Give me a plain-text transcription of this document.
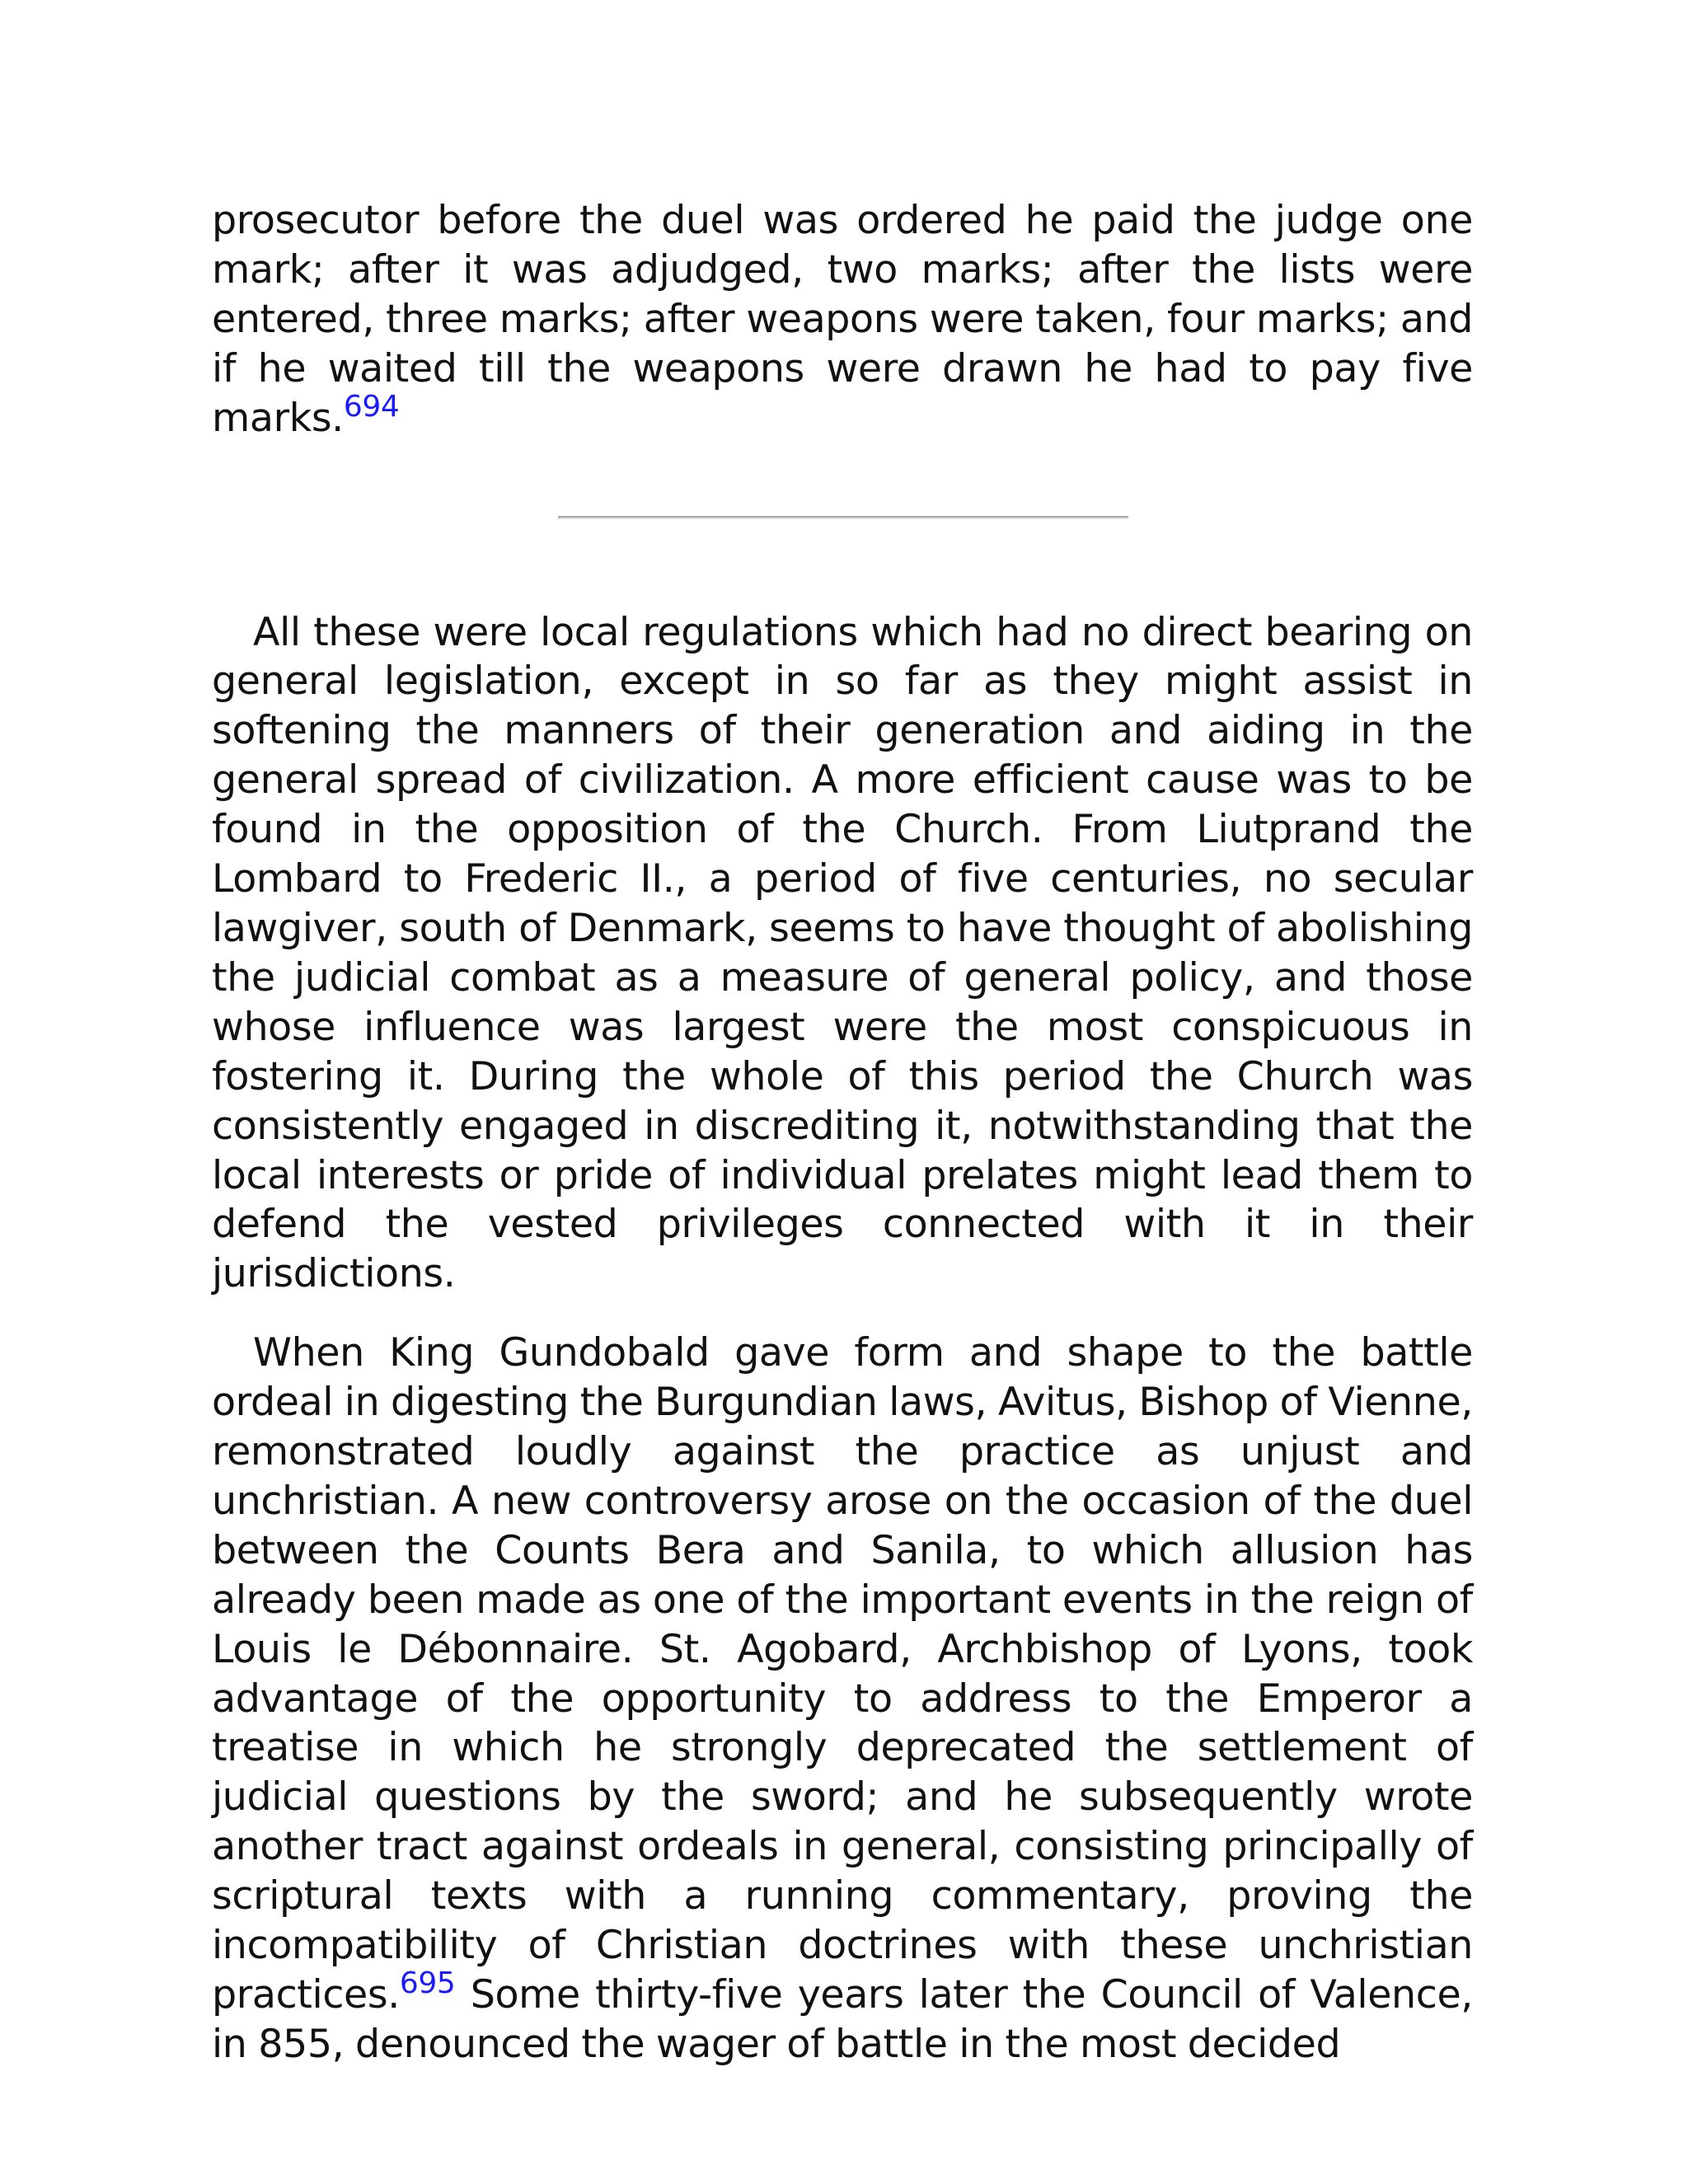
prosecutor before the duel was ordered he paid the judge one mark; after it was adjudged, two marks; after the lists were entered, three marks; after weapons were taken, four marks; and if he waited till the weapons were drawn he had to pay five marks.$^{694}$

All these were local regulations which had no direct bearing on general legislation, except in so far as they might assist in softening the manners of their generation and aiding in the general spread of civilization. A more efficient cause was to be found in the opposition of the Church. From Liutprand the Lombard to Frederic II., a period of five centuries, no secular lawgiver, south of Denmark, seems to have thought of abolishing the judicial combat as a measure of general policy, and those whose influence was largest were the most conspicuous in fostering it. During the whole of this period the Church was consistently engaged in discrediting it, notwithstanding that the local interests or pride of individual prelates might lead them to defend the vested privileges connected with it in their jurisdictions.

When King Gundobald gave form and shape to the battle ordeal in digesting the Burgundian laws, Avitus, Bishop of Vienne, remonstrated loudly against the practice as unjust and unchristian. A new controversy arose on the occasion of the duel between the Counts Bera and Sanila, to which allusion has already been made as one of the important events in the reign of Louis le Débonnaire. St. Agobard, Archbishop of Lyons, took advantage of the opportunity to address to the Emperor a treatise in which he strongly deprecated the settlement of judicial questions by the sword; and he subsequently wrote another tract against ordeals in general, consisting principally of scriptural texts with a running commentary, proving the incompatibility of Christian doctrines with these unchristian practices.$^{695}$ Some thirty-five years later the Council of Valence, in 855, denounced the wager of battle in the most decided
